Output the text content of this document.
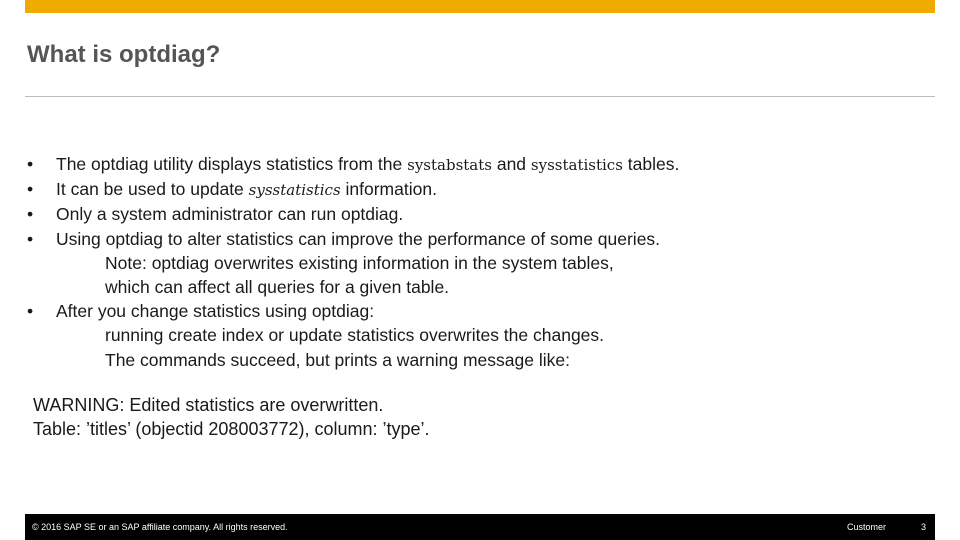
What is optdiag?
• The optdiag utility displays statistics from the systabstats and sysstatistics tables.
• It can be used to update sysstatistics information.
• Only a system administrator can run optdiag.
• Using optdiag to alter statistics can improve the performance of some queries.
Note: optdiag overwrites existing information in the system tables,
which can affect all queries for a given table.
• After you change statistics using optdiag:
running create index or update statistics overwrites the changes.
The commands succeed, but prints a warning message like:
WARNING: Edited statistics are overwritten.
Table: ’titles’ (objectid 208003772), column: ’type’.
© 2016 SAP SE or an SAP affiliate company. All rights reserved.	Customer	3
